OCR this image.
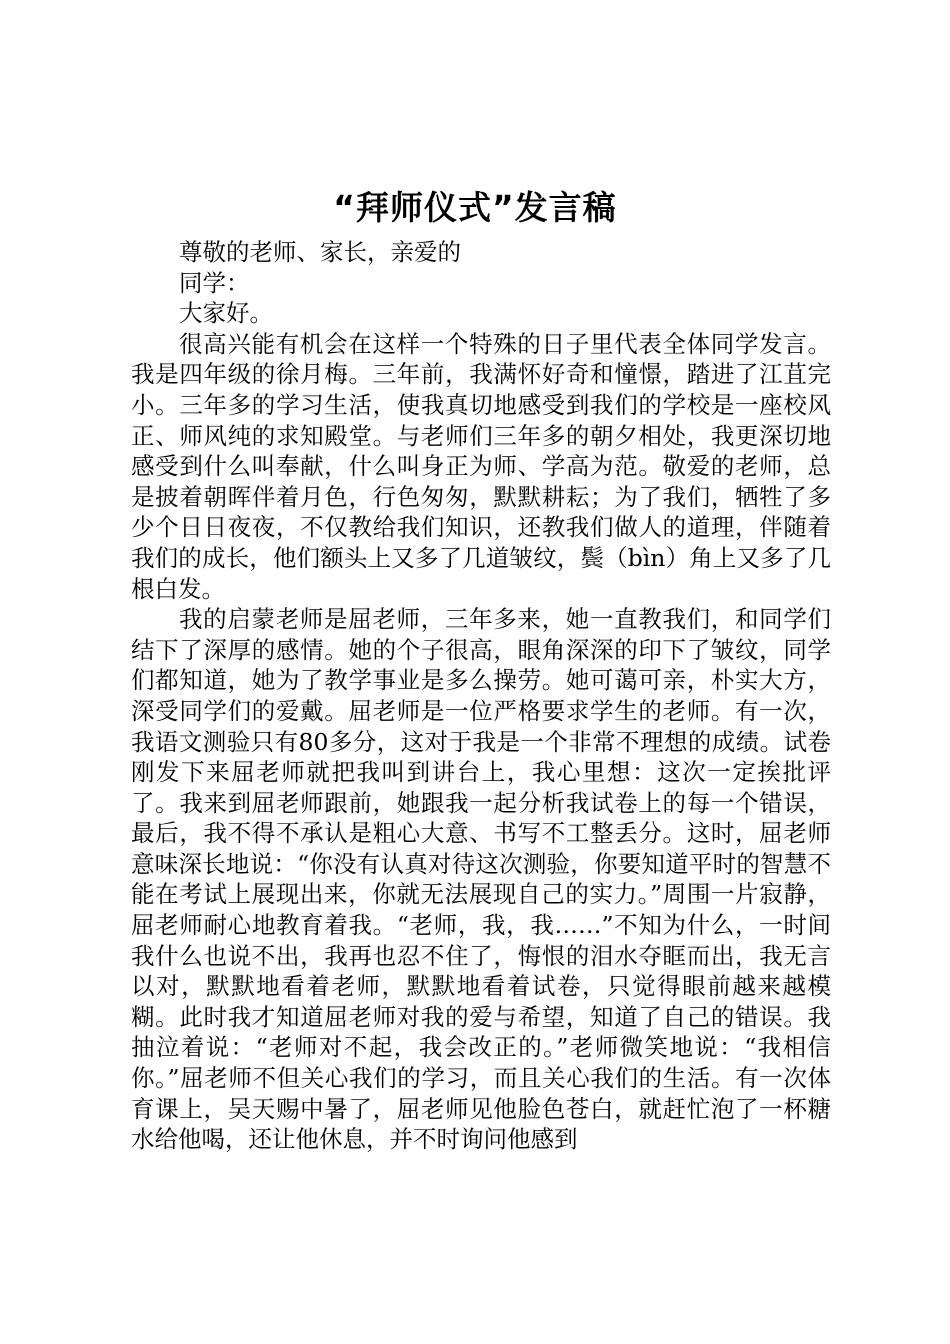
“拜师仪式”发言稿

尊敬的老师、家长，亲爱的

同学：

大家好。

很高兴能有机会在这样一个特殊的日子里代表全体同学发言。我是四年级的徐月梅。三年前，我满怀好奇和憧憬，踏进了江苴完小。三年多的学习生活，使我真切地感受到我们的学校是一座校风正、师风纯的求知殿堂。与老师们三年多的朝夕相处，我更深切地感受到什么叫奉献，什么叫身正为师、学高为范。敬爱的老师，总是披着朝晖伴着月色，行色匆匆，默默耕耘；为了我们，牺牲了多少个日日夜夜，不仅教给我们知识，还教我们做人的道理，伴随着我们的成长，他们额头上又多了几道皱纹，鬓（bìn）角上又多了几根白发。

我的启蒙老师是屈老师，三年多来，她一直教我们，和同学们结下了深厚的感情。她的个子很高，眼角深深的印下了皱纹，同学们都知道，她为了教学事业是多么操劳。她可蔼可亲，朴实大方，深受同学们的爱戴。屈老师是一位严格要求学生的老师。有一次，我语文测验只有80多分，这对于我是一个非常不理想的成绩。试卷刚发下来屈老师就把我叫到讲台上，我心里想：这次一定挨批评了。我来到屈老师跟前，她跟我一起分析我试卷上的每一个错误，最后，我不得不承认是粗心大意、书写不工整丢分。这时，屈老师意味深长地说：“你没有认真对待这次测验，你要知道平时的智慧不能在考试上展现出来，你就无法展现自己的实力。”周围一片寂静，屈老师耐心地教育着我。“老师，我，我……”不知为什么，一时间我什么也说不出，我再也忍不住了，悔恨的泪水夺眶而出，我无言以对，默默地看着老师，默默地看着试卷，只觉得眼前越来越模糊。此时我才知道屈老师对我的爱与希望，知道了自己的错误。我抽泣着说：“老师对不起，我会改正的。”老师微笑地说：“我相信你。”屈老师不但关心我们的学习，而且关心我们的生活。有一次体育课上，吴天赐中暑了，屈老师见他脸色苍白，就赶忙泡了一杯糖水给他喝，还让他休息，并不时询问他感到
